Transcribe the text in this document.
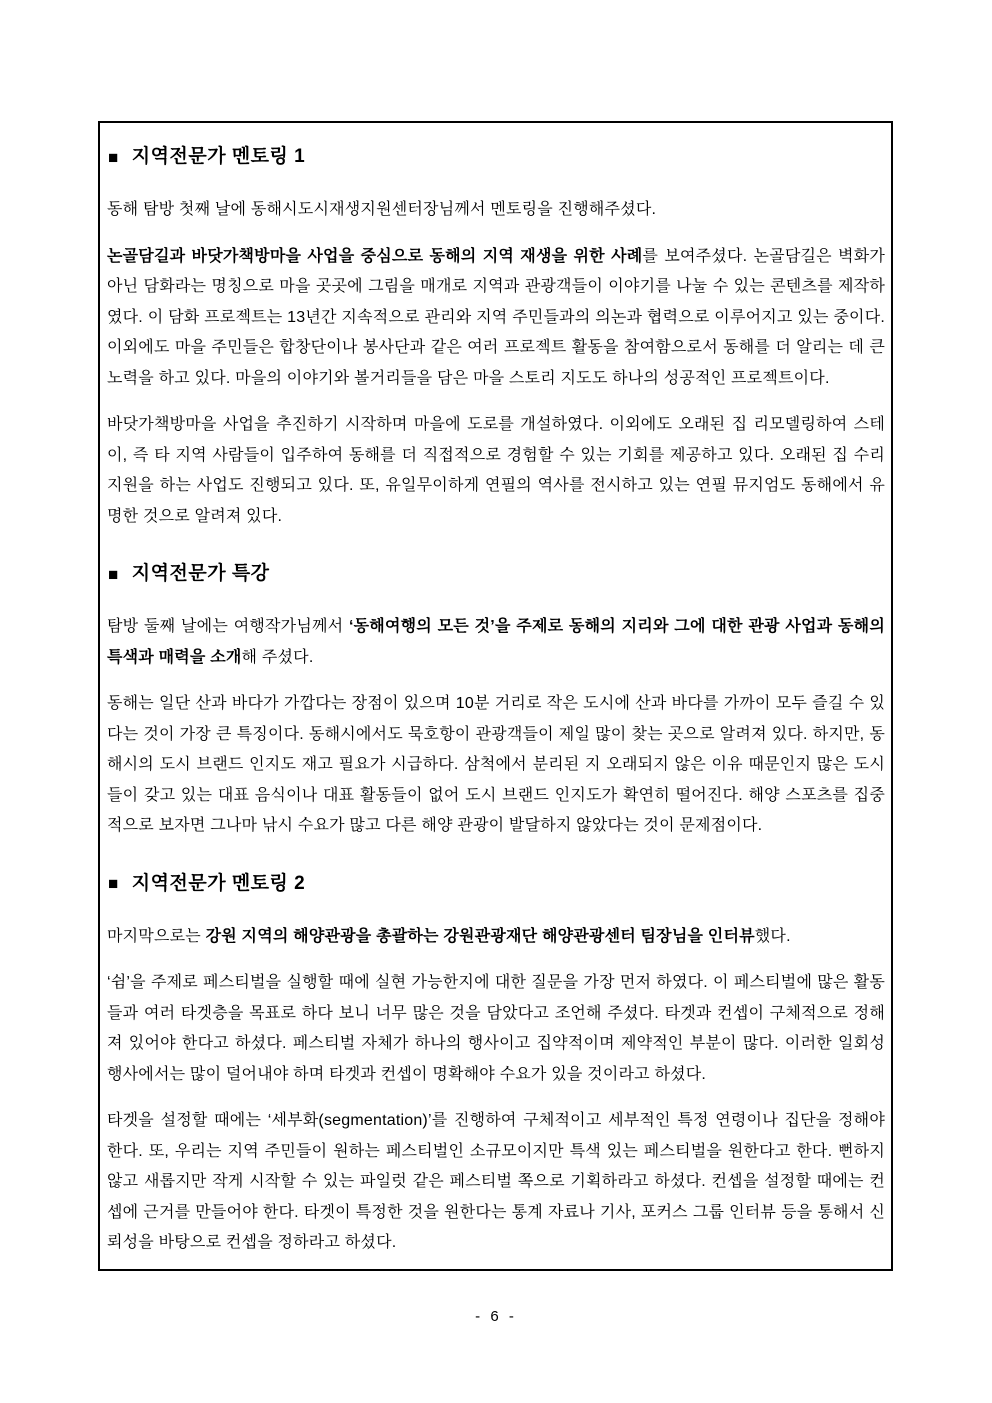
■ 지역전문가 멘토링 1

동해 탐방 첫째 날에 동해시도시재생지원센터장님께서 멘토링을 진행해주셨다.

논골담길과 바닷가책방마을 사업을 중심으로 동해의 지역 재생을 위한 사례를 보여주셨다. 논골담길은 벽화가 아닌 담화라는 명칭으로 마을 곳곳에 그림을 매개로 지역과 관광객들이 이야기를 나눌 수 있는 콘텐츠를 제작하였다. 이 담화 프로젝트는 13년간 지속적으로 관리와 지역 주민들과의 의논과 협력으로 이루어지고 있는 중이다. 이외에도 마을 주민들은 합창단이나 봉사단과 같은 여러 프로젝트 활동을 참여함으로서 동해를 더 알리는 데 큰 노력을 하고 있다. 마을의 이야기와 볼거리들을 담은 마을 스토리 지도도 하나의 성공적인 프로젝트이다.

바닷가책방마을 사업을 추진하기 시작하며 마을에 도로를 개설하였다. 이외에도 오래된 집 리모델링하여 스테이, 즉 타 지역 사람들이 입주하여 동해를 더 직접적으로 경험할 수 있는 기회를 제공하고 있다. 오래된 집 수리 지원을 하는 사업도 진행되고 있다. 또, 유일무이하게 연필의 역사를 전시하고 있는 연필 뮤지엄도 동해에서 유명한 것으로 알려져 있다.

■ 지역전문가 특강

탐방 둘째 날에는 여행작가님께서 ‘동해여행의 모든 것’을 주제로 동해의 지리와 그에 대한 관광 사업과 동해의 특색과 매력을 소개해 주셨다.

동해는 일단 산과 바다가 가깝다는 장점이 있으며 10분 거리로 작은 도시에 산과 바다를 가까이 모두 즐길 수 있다는 것이 가장 큰 특징이다. 동해시에서도 묵호항이 관광객들이 제일 많이 찾는 곳으로 알려져 있다. 하지만, 동해시의 도시 브랜드 인지도 재고 필요가 시급하다. 삼척에서 분리된 지 오래되지 않은 이유 때문인지 많은 도시들이 갖고 있는 대표 음식이나 대표 활동들이 없어 도시 브랜드 인지도가 확연히 떨어진다. 해양 스포츠를 집중적으로 보자면 그나마 낚시 수요가 많고 다른 해양 관광이 발달하지 않았다는 것이 문제점이다.

■ 지역전문가 멘토링 2

마지막으로는 강원 지역의 해양관광을 총괄하는 강원관광재단 해양관광센터 팀장님을 인터뷰했다.

‘쉼’을 주제로 페스티벌을 실행할 때에 실현 가능한지에 대한 질문을 가장 먼저 하였다. 이 페스티벌에 많은 활동들과 여러 타겟층을 목표로 하다 보니 너무 많은 것을 담았다고 조언해 주셨다. 타겟과 컨셉이 구체적으로 정해져 있어야 한다고 하셨다. 페스티벌 자체가 하나의 행사이고 집약적이며 제약적인 부분이 많다. 이러한 일회성 행사에서는 많이 덜어내야 하며 타겟과 컨셉이 명확해야 수요가 있을 것이라고 하셨다.

타겟을 설정할 때에는 ‘세부화(segmentation)’를 진행하여 구체적이고 세부적인 특정 연령이나 집단을 정해야 한다. 또, 우리는 지역 주민들이 원하는 페스티벌인 소규모이지만 특색 있는 페스티벌을 원한다고 한다. 뻔하지 않고 새롭지만 작게 시작할 수 있는 파일럿 같은 페스티벌 쪽으로 기획하라고 하셨다. 컨셉을 설정할 때에는 컨셉에 근거를 만들어야 한다. 타겟이 특정한 것을 원한다는 통계 자료나 기사, 포커스 그룹 인터뷰 등을 통해서 신뢰성을 바탕으로 컨셉을 정하라고 하셨다.

- 6 -
